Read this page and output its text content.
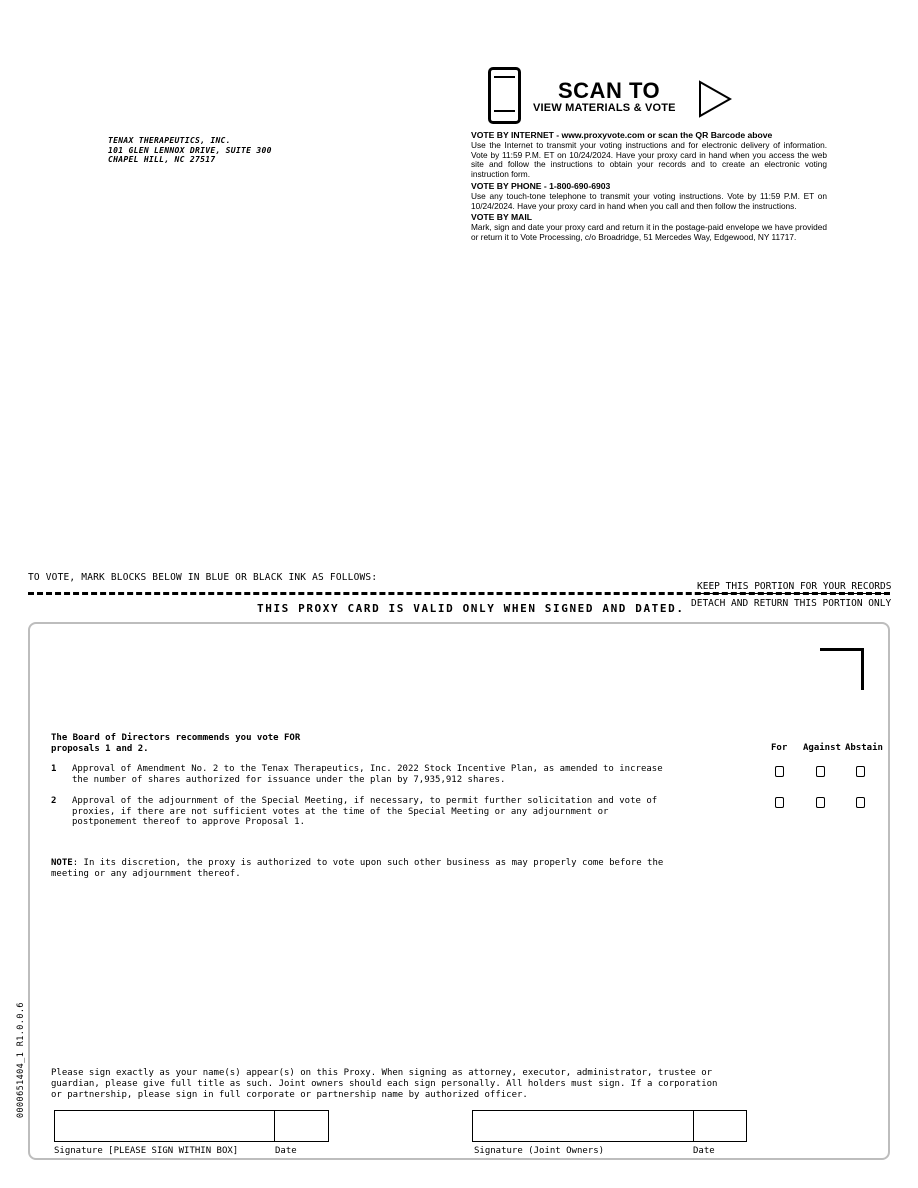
TENAX THERAPEUTICS, INC.
101 GLEN LENNOX DRIVE, SUITE 300
CHAPEL HILL, NC 27517
SCAN TO
VIEW MATERIALS & VOTE
VOTE BY INTERNET - www.proxyvote.com or scan the QR Barcode above
Use the Internet to transmit your voting instructions and for electronic delivery of information. Vote by 11:59 P.M. ET on 10/24/2024. Have your proxy card in hand when you access the web site and follow the instructions to obtain your records and to create an electronic voting instruction form.
VOTE BY PHONE - 1-800-690-6903
Use any touch-tone telephone to transmit your voting instructions. Vote by 11:59 P.M. ET on 10/24/2024. Have your proxy card in hand when you call and then follow the instructions.
VOTE BY MAIL
Mark, sign and date your proxy card and return it in the postage-paid envelope we have provided or return it to Vote Processing, c/o Broadridge, 51 Mercedes Way, Edgewood, NY 11717.
TO VOTE, MARK BLOCKS BELOW IN BLUE OR BLACK INK AS FOLLOWS:
KEEP THIS PORTION FOR YOUR RECORDS
DETACH AND RETURN THIS PORTION ONLY
THIS PROXY CARD IS VALID ONLY WHEN SIGNED AND DATED.
The Board of Directors recommends you vote FOR
proposals 1 and 2.	For Against Abstain
1 Approval of Amendment No. 2 to the Tenax Therapeutics, Inc. 2022 Stock Incentive Plan, as amended to increase
the number of shares authorized for issuance under the plan by 7,935,912 shares.
2 Approval of the adjournment of the Special Meeting, if necessary, to permit further solicitation and vote of
proxies, if there are not sufficient votes at the time of the Special Meeting or any adjournment or
postponement thereof to approve Proposal 1.
NOTE: In its discretion, the proxy is authorized to vote upon such other business as may properly come before the
meeting or any adjournment thereof.
0000651404_1 R1.0.0.6	Please sign exactly as your name(s) appear(s) on this Proxy. When signing as attorney, executor, administrator, trustee or
guardian, please give full title as such. Joint owners should each sign personally. All holders must sign. If a corporation
or partnership, please sign in full corporate or partnership name by authorized officer.
Signature [PLEASE SIGN WITHIN BOX]	Date	Signature (Joint Owners)	Date
